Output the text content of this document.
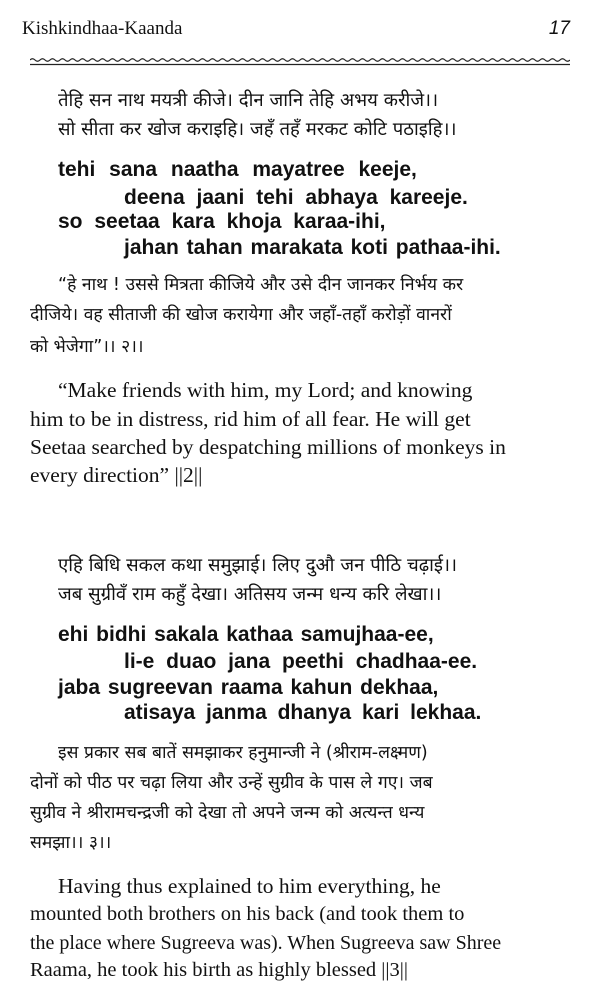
Kishkindhaa-Kaanda	17
तेहि सन नाथ मयत्री कीजे। दीन जानि तेहि अभय करीजे।।
सो सीता कर खोज कराइहि। जहँ तहँ मरकट कोटि पठाइहि।।
tehi sana naatha mayatree keeje,
deena jaani tehi abhaya kareeje.
so seetaa kara khoja karaa-ihi,
jahan tahan marakata koti pathaa-ihi.
“हे नाथ ! उससे मित्रता कीजिये और उसे दीन जानकर निर्भय कर
दीजिये। वह सीताजी की खोज करायेगा और जहाँ-तहाँ करोड़ों वानरों
को भेजेगा”।। २।।
“Make friends with him, my Lord; and knowing
him to be in distress, rid him of all fear. He will get
Seetaa searched by despatching millions of monkeys in
every direction” ||2||
एहि बिधि सकल कथा समुझाई। लिए दुऔ जन पीठि चढ़ाई।।
जब सुग्रीवँ राम कहुँ देखा। अतिसय जन्म धन्य करि लेखा।।
ehi bidhi sakala kathaa samujhaa-ee,
li-e duao jana peethi chadhaa-ee.
jaba sugreevan raama kahun dekhaa,
atisaya janma dhanya kari lekhaa.
इस प्रकार सब बातें समझाकर हनुमान्जी ने (श्रीराम-लक्ष्मण)
दोनों को पीठ पर चढ़ा लिया और उन्हें सुग्रीव के पास ले गए। जब
सुग्रीव ने श्रीरामचन्द्रजी को देखा तो अपने जन्म को अत्यन्त धन्य
समझा।। ३।।
Having thus explained to him everything, he
mounted both brothers on his back (and took them to
the place where Sugreeva was). When Sugreeva saw Shree
Raama, he took his birth as highly blessed ||3||
